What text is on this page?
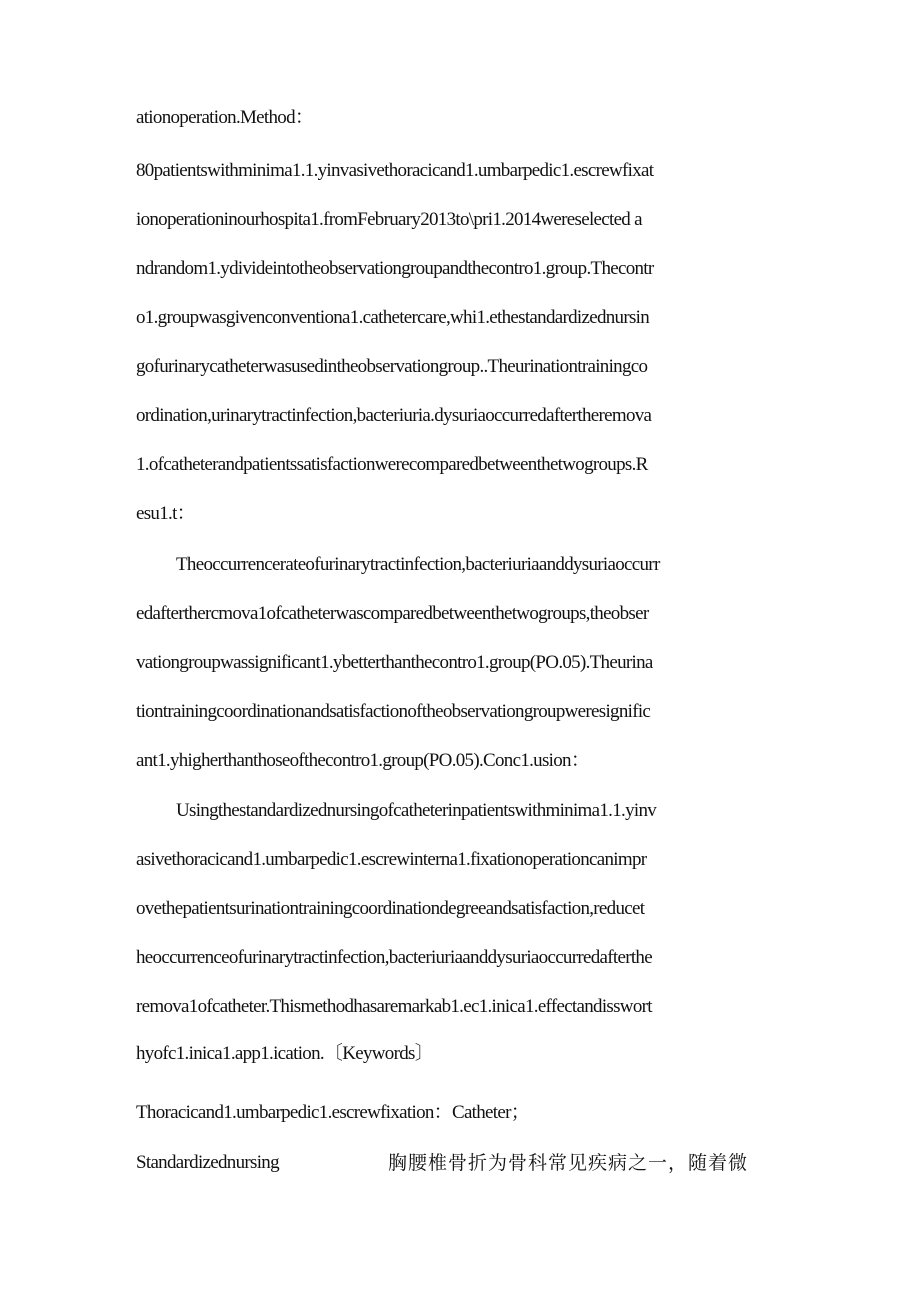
ationoperation.Method：
80patientswithminima1.1.yinvasivethoracicand1.umbarpedic1.escrewfixat
ionoperationinourhospita1.fromFebruary2013to\pri1.2014wereselected a
ndrandom1.ydivideintotheobservationgroupandthecontro1.group.Thecontr
o1.groupwasgivenconventiona1.cathetercare,whi1.ethestandardizednursin
gofurinarycatheterwasusedintheobservationgroup..Theurinationtrainingco
ordination,urinarytractinfection,bacteriuria.dysuriaoccurredaftertheremova
1.ofcatheterandpatientssatisfactionwerecomparedbetweenthetwogroups.R
esu1.t：
Theoccurrencerateofurinarytractinfection,bacteriuriaanddysuriaoccurr
edafterthercmova1ofcatheterwascomparedbetweenthetwogroups,theobser
vationgroupwassignificant1.ybetterthanthecontro1.group(PO.05).Theurina
tiontrainingcoordinationandsatisfactionoftheobservationgroupweresignific
ant1.yhigherthanthoseofthecontro1.group(PO.05).Conc1.usion：
Usingthestandardizednursingofcatheterinpatientswithminima1.1.yinv
asivethoracicand1.umbarpedic1.escrewinterna1.fixationoperationcanimpr
ovethepatientsurinationtrainingcoordinationdegreeandsatisfaction,reducet
heoccurrenceofurinarytractinfection,bacteriuriaanddysuriaoccurredafterthe
remova1ofcatheter.Thismethodhasaremarkab1.ec1.inica1.effectandisswort
hyofc1.inica1.app1.ication.〔Keywords〕
Thoracicand1.umbarpedic1.escrewfixation：Catheter；
Standardizednursing	胸腰椎骨折为骨科常见疾病之一，随着微
